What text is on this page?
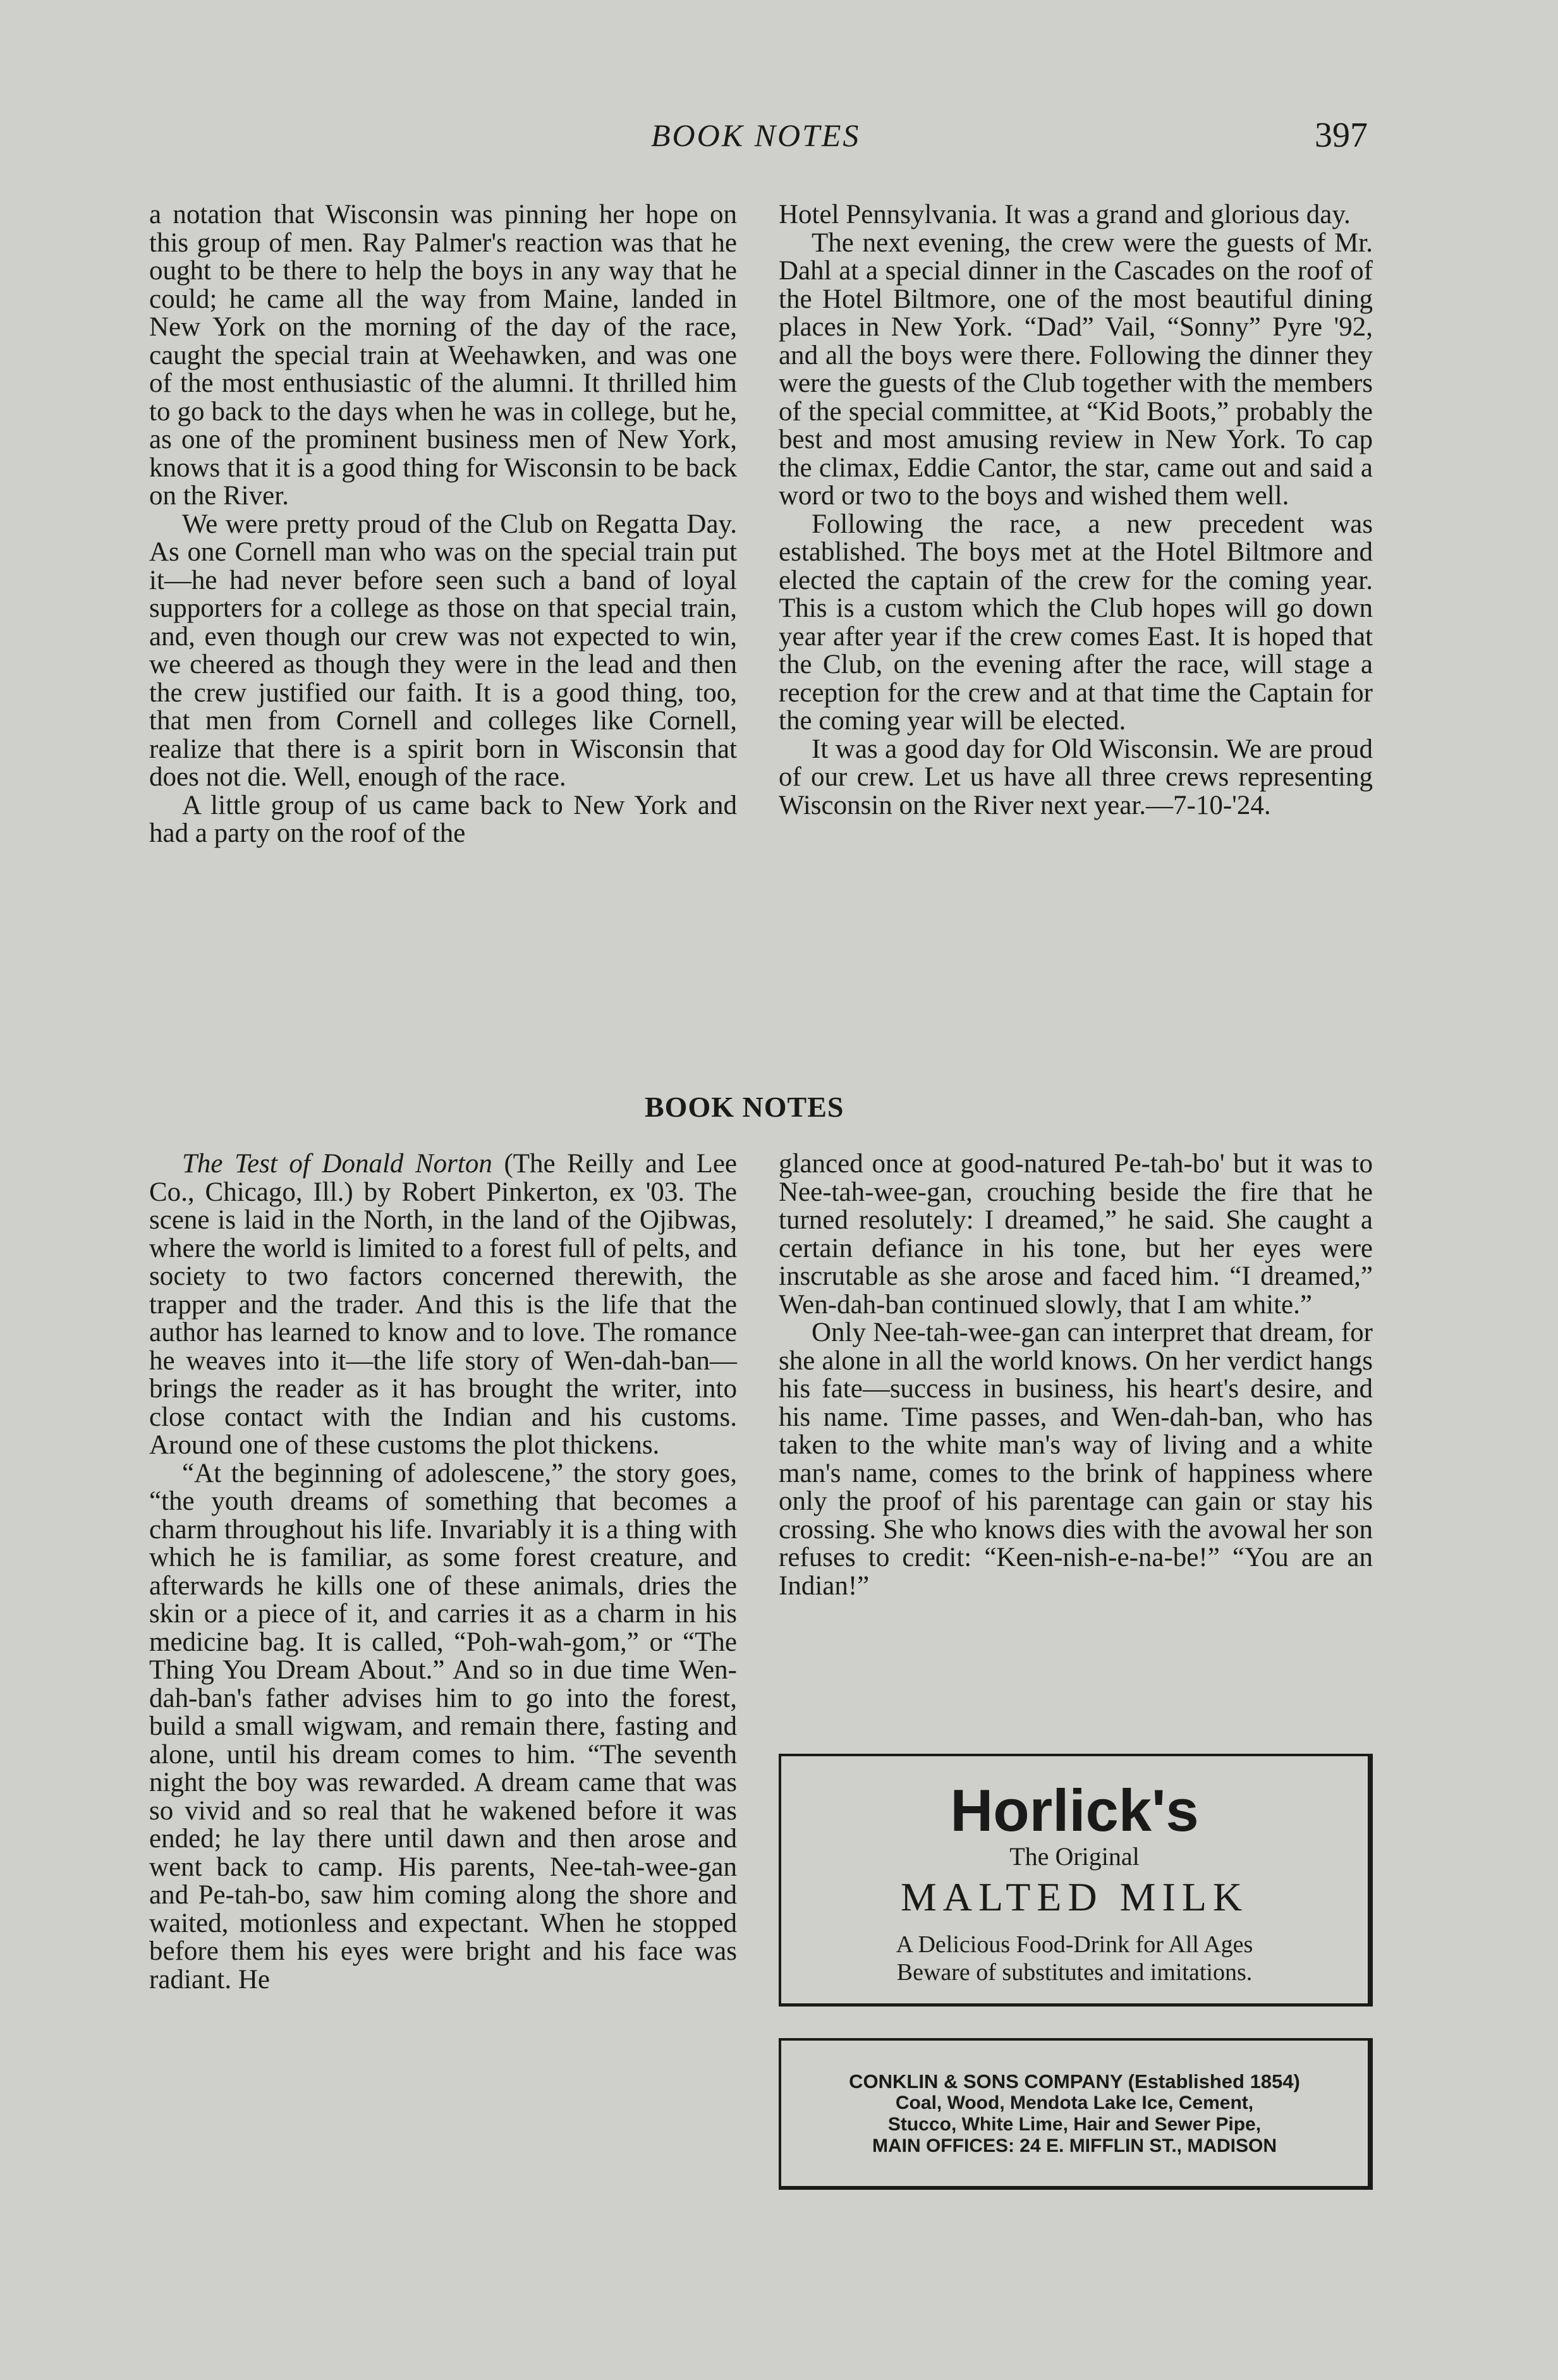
BOOK NOTES	397

a notation that Wisconsin was pinning her hope on this group of men. Ray Palmer's reaction was that he ought to be there to help the boys in any way that he could; he came all the way from Maine, landed in New York on the morning of the day of the race, caught the special train at Weehawken, and was one of the most enthusiastic of the alumni. It thrilled him to go back to the days when he was in college, but he, as one of the prominent business men of New York, knows that it is a good thing for Wisconsin to be back on the River.

We were pretty proud of the Club on Regatta Day. As one Cornell man who was on the special train put it—he had never before seen such a band of loyal supporters for a college as those on that special train, and, even though our crew was not expected to win, we cheered as though they were in the lead and then the crew justified our faith. It is a good thing, too, that men from Cornell and colleges like Cornell, realize that there is a spirit born in Wisconsin that does not die. Well, enough of the race.

A little group of us came back to New York and had a party on the roof of the

Hotel Pennsylvania. It was a grand and glorious day.

The next evening, the crew were the guests of Mr. Dahl at a special dinner in the Cascades on the roof of the Hotel Biltmore, one of the most beautiful dining places in New York. “Dad” Vail, “Sonny” Pyre '92, and all the boys were there. Following the dinner they were the guests of the Club together with the members of the special committee, at “Kid Boots,” probably the best and most amusing review in New York. To cap the climax, Eddie Cantor, the star, came out and said a word or two to the boys and wished them well.

Following the race, a new precedent was established. The boys met at the Hotel Biltmore and elected the captain of the crew for the coming year. This is a custom which the Club hopes will go down year after year if the crew comes East. It is hoped that the Club, on the evening after the race, will stage a reception for the crew and at that time the Captain for the coming year will be elected.

It was a good day for Old Wisconsin. We are proud of our crew. Let us have all three crews representing Wisconsin on the River next year.—7-10-'24.

BOOK NOTES

The Test of Donald Norton (The Reilly and Lee Co., Chicago, Ill.) by Robert Pinkerton, ex '03. The scene is laid in the North, in the land of the Ojibwas, where the world is limited to a forest full of pelts, and society to two factors concerned therewith, the trapper and the trader. And this is the life that the author has learned to know and to love. The romance he weaves into it—the life story of Wen-dah-ban—brings the reader as it has brought the writer, into close contact with the Indian and his customs. Around one of these customs the plot thickens.

“At the beginning of adolescene,” the story goes, “the youth dreams of something that becomes a charm throughout his life. Invariably it is a thing with which he is familiar, as some forest creature, and afterwards he kills one of these animals, dries the skin or a piece of it, and carries it as a charm in his medicine bag. It is called, “Poh-wah-gom,” or “The Thing You Dream About.” And so in due time Wendah-ban's father advises him to go into the forest, build a small wigwam, and remain there, fasting and alone, until his dream comes to him. “The seventh night the boy was rewarded. A dream came that was so vivid and so real that he wakened before it was ended; he lay there until dawn and then arose and went back to camp. His parents, Nee-tah-wee-gan and Pe-tah-bo, saw him coming along the shore and waited, motionless and expectant. When he stopped before them his eyes were bright and his face was radiant. He

glanced once at good-natured Pe-tah-bo' but it was to Nee-tah-wee-gan, crouching beside the fire that he turned resolutely: I dreamed,” he said. She caught a certain defiance in his tone, but her eyes were inscrutable as she arose and faced him. “I dreamed,” Wen-dah-ban continued slowly, that I am white.”

Only Nee-tah-wee-gan can interpret that dream, for she alone in all the world knows. On her verdict hangs his fate—success in business, his heart's desire, and his name. Time passes, and Wen-dah-ban, who has taken to the white man's way of living and a white man's name, comes to the brink of happiness where only the proof of his parentage can gain or stay his crossing. She who knows dies with the avowal her son refuses to credit: “Keen-nish-e-na-be!” “You are an Indian!”

Horlick's
The Original
MALTED MILK
A Delicious Food-Drink for All Ages
Beware of substitutes and imitations.
CONKLIN & SONS COMPANY (Established 1854)
Coal, Wood, Mendota Lake Ice, Cement,
Stucco, White Lime, Hair and Sewer Pipe,
MAIN OFFICES: 24 E. MIFFLIN ST., MADISON
